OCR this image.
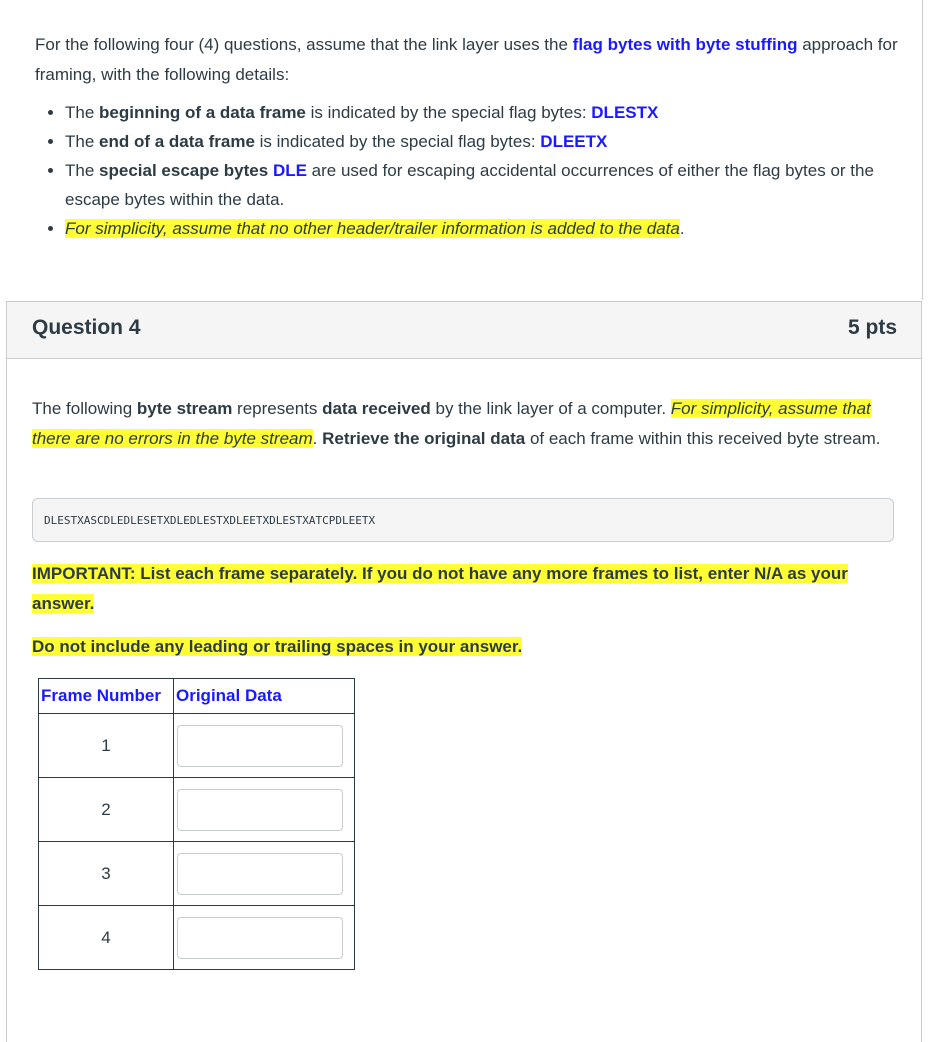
For the following four (4) questions, assume that the link layer uses the flag bytes with byte stuffing approach for framing, with the following details:

• The beginning of a data frame is indicated by the special flag bytes: DLESTX
• The end of a data frame is indicated by the special flag bytes: DLEETX
• The special escape bytes DLE are used for escaping accidental occurrences of either the flag bytes or the escape bytes within the data.
• For simplicity, assume that no other header/trailer information is added to the data.
Question 4	5 pts

The following byte stream represents data received by the link layer of a computer. For simplicity, assume that there are no errors in the byte stream. Retrieve the original data of each frame within this received byte stream.

DLESTXASCDLEDLESETXDLEDLESTXDLEETXDLESTXATCPDLEETX
IMPORTANT: List each frame separately. If you do not have any more frames to list, enter N/A as your answer.
Do not include any leading or trailing spaces in your answer.
Frame Number	Original Data
1	

2	

3	

4	
